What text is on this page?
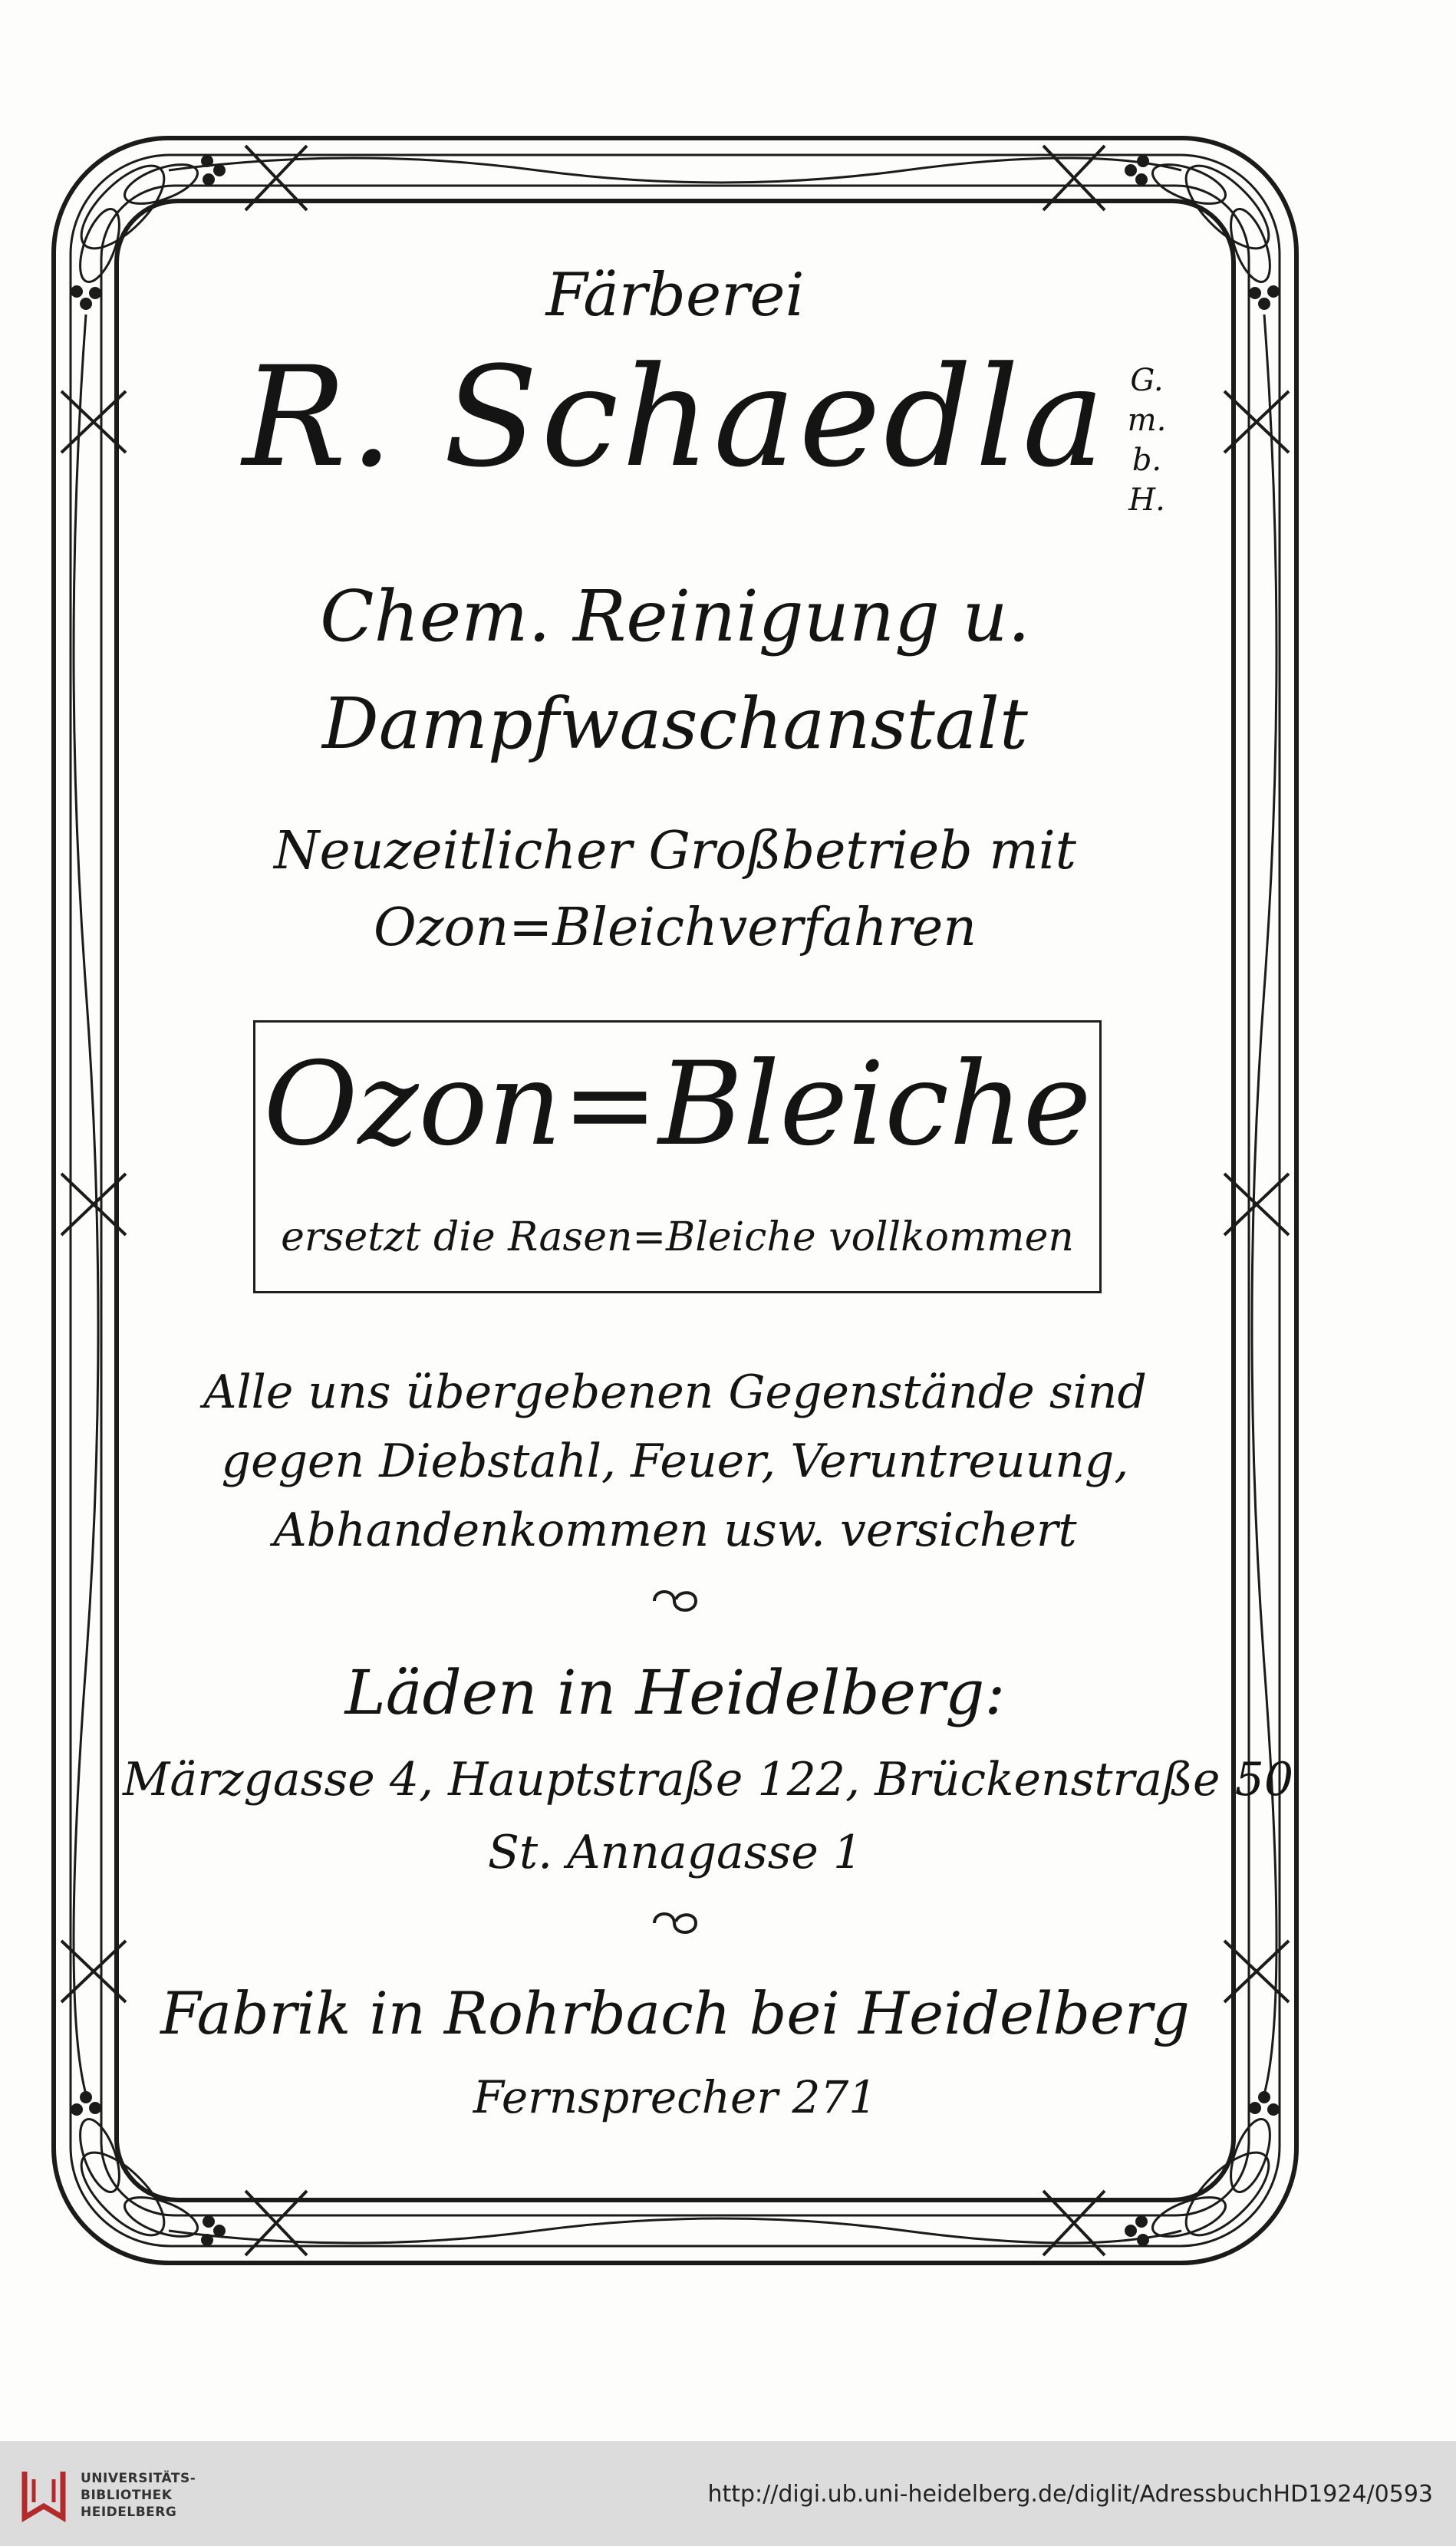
Färberei
R. Schaedla G.
m.
b.
H.
Chem. Reinigung u.
Dampfwaschanstalt
Neuzeitlicher Großbetrieb mit
Ozon=Bleichverfahren
Ozon=Bleiche
ersetzt die Rasen=Bleiche vollkommen
Alle uns übergebenen Gegenstände sind
gegen Diebstahl, Feuer, Veruntreuung,
Abhandenkommen usw. versichert
Läden in Heidelberg:
Märzgasse 4, Hauptstraße 122, Brückenstraße 50
St. Annagasse 1
Fabrik in Rohrbach bei Heidelberg
Fernsprecher 271
UNIVERSITÄTS-
BIBLIOTHEK
HEIDELBERG
http://digi.ub.uni-heidelberg.de/diglit/AdressbuchHD1924/0593
